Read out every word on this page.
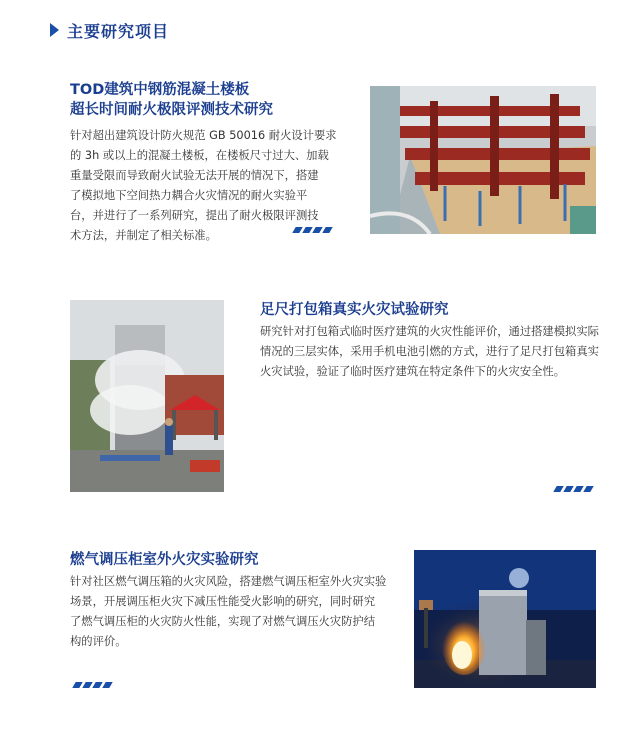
主要研究项目
TOD建筑中钢筋混凝土楼板
超长时间耐火极限评测技术研究
针对超出建筑设计防火规范 GB 50016 耐火设计要求
的 3h 或以上的混凝土楼板，在楼板尺寸过大、加载
重量受限而导致耐火试验无法开展的情况下，搭建
了模拟地下空间热力耦合火灾情况的耐火实验平
台，并进行了一系列研究，提出了耐火极限评测技
术方法，并制定了相关标准。
足尺打包箱真实火灾试验研究
研究针对打包箱式临时医疗建筑的火灾性能评价，通过搭建模拟实际
情况的三层实体，采用手机电池引燃的方式，进行了足尺打包箱真实
火灾试验，验证了临时医疗建筑在特定条件下的火灾安全性。
燃气调压柜室外火灾实验研究
针对社区燃气调压箱的火灾风险，搭建燃气调压柜室外火灾实验
场景，开展调压柜火灾下减压性能受火影响的研究，同时研究
了燃气调压柜的火灾防火性能，实现了对燃气调压火灾防护结
构的评价。
